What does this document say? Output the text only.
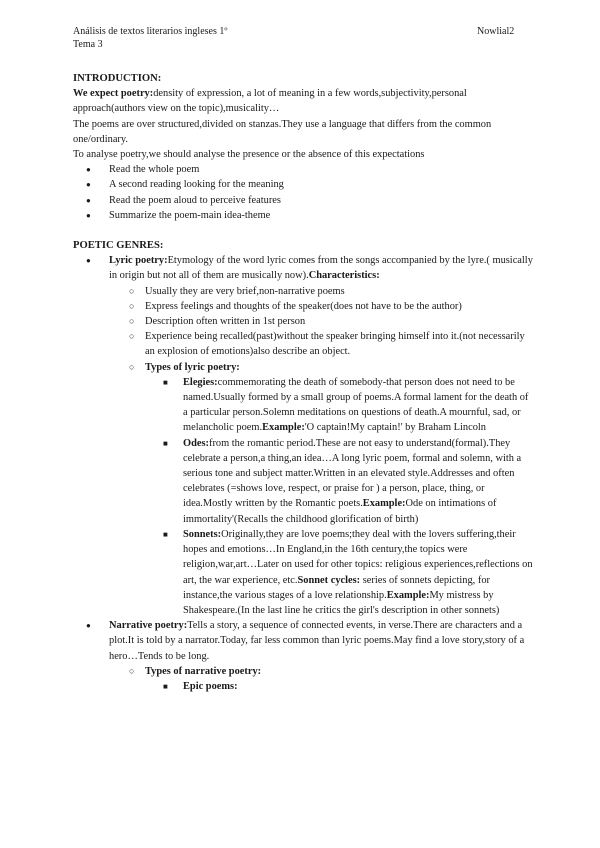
Análisis de textos literarios ingleses 1º
Tema 3
Nowlial2
INTRODUCTION:

We expect poetry:density of expression, a lot of meaning in a few words,subjectivity,personal approach(authors view on the topic),musicality…

The poems are over structured,divided on stanzas.They use a language that differs from the common one/ordinary.

To analyse poetry,we should analyse the presence or the absence of this expectations

● Read the whole poem
● A second reading looking for the meaning
● Read the poem aloud to perceive features
● Summarize the poem-main idea-theme
POETIC GENRES:
● Lyric poetry:Etymology of the word lyric comes from the songs accompanied by the lyre.( musically in origin but not all of them are musically now).Characteristics:
○ Usually they are very brief,non-narrative poems
○ Express feelings and thoughts of the speaker(does not have to be the author)
○ Description often written in 1st person
○ Experience being recalled(past)without the speaker bringing himself into it.(not necessarily an explosion of emotions)also describe an object.
○ Types of lyric poetry:
■ Elegies:commemorating the death of somebody-that person does not need to be named.Usually formed by a small group of poems.A formal lament for the death of a particular person.Solemn meditations on questions of death.A mournful, sad, or melancholic poem.Example:'O captain!My captain!' by Braham Lincoln
■ Odes:from the romantic period.These are not easy to understand(formal).They celebrate a person,a thing,an idea…A long lyric poem, formal and solemn, with a serious tone and subject matter.Written in an elevated style.Addresses and often celebrates (=shows love, respect, or praise for ) a person, place, thing, or idea.Mostly written by the Romantic poets.Example:Ode on intimations of immortality'(Recalls the childhood glorification of birth)
■ Sonnets:Originally,they are love poems;they deal with the lovers suffering,their hopes and emotions…In England,in the 16th century,the topics were religion,war,art…Later on used for other topics: religious experiences,reflections on art, the war experience, etc.Sonnet cycles: series of sonnets depicting, for instance,the various stages of a love relationship.Example:My mistress by Shakespeare.(In the last line he critics the girl's description in other sonnets)
● Narrative poetry:Tells a story, a sequence of connected events, in verse.There are characters and a plot.It is told by a narrator.Today, far less common than lyric poems.May find a love story,story of a hero…Tends to be long.
○ Types of narrative poetry:
■ Epic poems:
